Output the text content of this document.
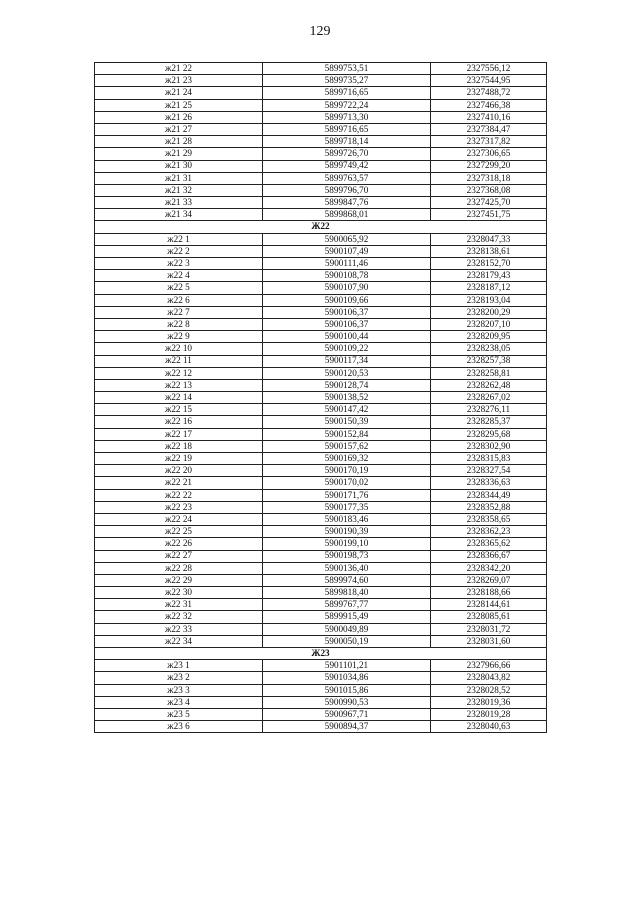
129
ж21 22	5899753,51	2327556,12
ж21 23	5899735,27	2327544,95
ж21 24	5899716,65	2327488,72
ж21 25	5899722,24	2327466,38
ж21 26	5899713,30	2327410,16
ж21 27	5899716,65	2327384,47
ж21 28	5899718,14	2327317,82
ж21 29	5899726,70	2327306,65
ж21 30	5899749,42	2327299,20
ж21 31	5899763,57	2327318,18
ж21 32	5899796,70	2327368,08
ж21 33	5899847,76	2327425,70
ж21 34	5899868,01	2327451,75
Ж22		
ж22 1	5900065,92	2328047,33
ж22 2	5900107,49	2328138,61
ж22 3	5900111,46	2328152,70
ж22 4	5900108,78	2328179,43
ж22 5	5900107,90	2328187,12
ж22 6	5900109,66	2328193,04
ж22 7	5900106,37	2328200,29
ж22 8	5900106,37	2328207,10
ж22 9	5900100,44	2328209,95
ж22 10	5900109,22	2328238,05
ж22 11	5900117,34	2328257,38
ж22 12	5900120,53	2328258,81
ж22 13	5900128,74	2328262,48
ж22 14	5900138,52	2328267,02
ж22 15	5900147,42	2328276,11
ж22 16	5900150,39	2328285,37
ж22 17	5900152,84	2328295,68
ж22 18	5900157,62	2328302,90
ж22 19	5900169,32	2328315,83
ж22 20	5900170,19	2328327,54
ж22 21	5900170,02	2328336,63
ж22 22	5900171,76	2328344,49
ж22 23	5900177,35	2328352,88
ж22 24	5900183,46	2328358,65
ж22 25	5900190,39	2328362,23
ж22 26	5900199,10	2328365,62
ж22 27	5900198,73	2328366,67
ж22 28	5900136,40	2328342,20
ж22 29	5899974,60	2328269,07
ж22 30	5899818,40	2328188,66
ж22 31	5899767,77	2328144,61
ж22 32	5899915,49	2328085,61
ж22 33	5900049,89	2328031,72
ж22 34	5900050,19	2328031,60
Ж23		
ж23 1	5901101,21	2327966,66
ж23 2	5901034,86	2328043,82
ж23 3	5901015,86	2328028,52
ж23 4	5900990,53	2328019,36
ж23 5	5900967,71	2328019,28
ж23 6	5900894,37	2328040,63
